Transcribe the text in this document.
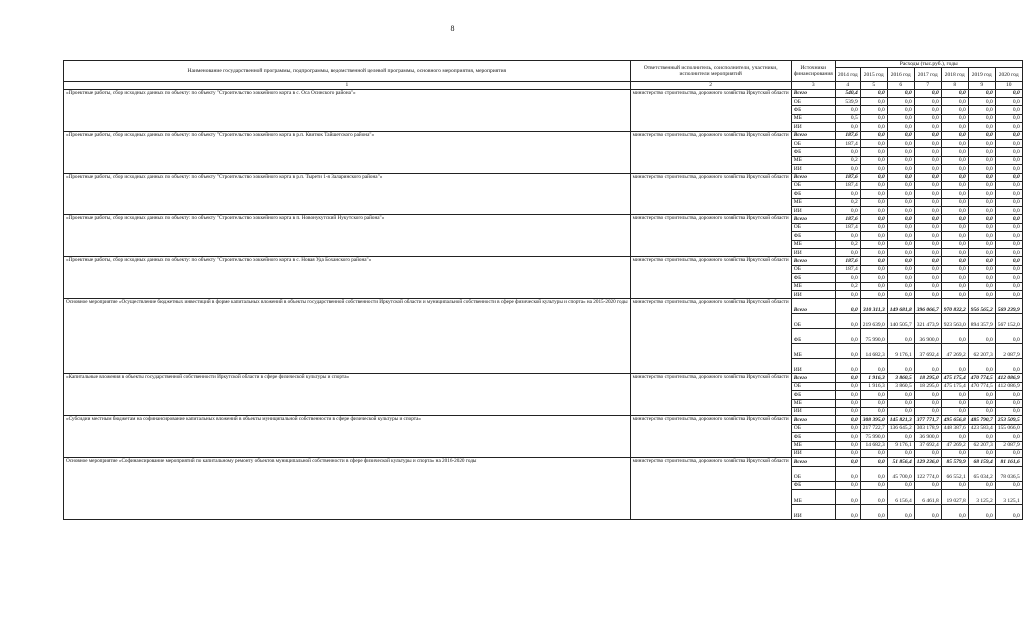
8
Наименование государственной программы, подпрограммы, ведомственной целевой программы, основного мероприятия, мероприятия	Ответственный исполнитель, соисполнители, участники, исполнители мероприятий	Источники финансирования	Расходы (тыс.руб.), годы						
			2014 год	2015 год	2016 год	2017 год	2018 год	2019 год	2020 год
1	2	3	4	5	6	7	8	9	10
«Проектные работы, сбор исходных данных по объекту: по объекту "Строительство хоккейного корта в с. Оса Осинского района"»	министерство строительства, дорожного хозяйства Иркутской области	Всего	540,4	0,0	0,0	0,0	0,0	0,0	0,0
		ОБ	539,9	0,0	0,0	0,0	0,0	0,0	0,0
		ФБ	0,0	0,0	0,0	0,0	0,0	0,0	0,0
		МБ	0,5	0,0	0,0	0,0	0,0	0,0	0,0
		ИИ	0,0	0,0	0,0	0,0	0,0	0,0	0,0
«Проектные работы, сбор исходных данных по объекту: по объекту "Строительство хоккейного корта в р.п. Квитюк Тайшетского района"»	министерство строительства, дорожного хозяйства Иркутской области	Всего	187,6	0,0	0,0	0,0	0,0	0,0	0,0
		ОБ	187,4	0,0	0,0	0,0	0,0	0,0	0,0
		ФБ	0,0	0,0	0,0	0,0	0,0	0,0	0,0
		МБ	0,2	0,0	0,0	0,0	0,0	0,0	0,0
		ИИ	0,0	0,0	0,0	0,0	0,0	0,0	0,0
«Проектные работы, сбор исходных данных по объекту: по объекту "Строительство хоккейного корта в р.п. Тырети 1-я Заларинского района"»	министерство строительства, дорожного хозяйства Иркутской области	Всего	187,6	0,0	0,0	0,0	0,0	0,0	0,0
		ОБ	187,4	0,0	0,0	0,0	0,0	0,0	0,0
		ФБ	0,0	0,0	0,0	0,0	0,0	0,0	0,0
		МБ	0,2	0,0	0,0	0,0	0,0	0,0	0,0
		ИИ	0,0	0,0	0,0	0,0	0,0	0,0	0,0
«Проектные работы, сбор исходных данных по объекту: по объекту "Строительство хоккейного корта в п. Новонукутский Нукутского района"»	министерство строительства, дорожного хозяйства Иркутской области	Всего	187,6	0,0	0,0	0,0	0,0	0,0	0,0
		ОБ	187,4	0,0	0,0	0,0	0,0	0,0	0,0
		ФБ	0,0	0,0	0,0	0,0	0,0	0,0	0,0
		МБ	0,2	0,0	0,0	0,0	0,0	0,0	0,0
		ИИ	0,0	0,0	0,0	0,0	0,0	0,0	0,0
«Проектные работы, сбор исходных данных по объекту: по объекту "Строительство хоккейного корта в с. Новая Уда Боханского района"»	министерство строительства, дорожного хозяйства Иркутской области	Всего	187,6	0,0	0,0	0,0	0,0	0,0	0,0
		ОБ	187,4	0,0	0,0	0,0	0,0	0,0	0,0
		ФБ	0,0	0,0	0,0	0,0	0,0	0,0	0,0
		МБ	0,2	0,0	0,0	0,0	0,0	0,0	0,0
		ИИ	0,0	0,0	0,0	0,0	0,0	0,0	0,0
Основное мероприятие «Осуществление бюджетных инвестиций в форме капитальных вложений в объекты государственной собственности Иркутской области и муниципальной собственности в сфере физической культуры и спорта» на 2015-2020 годы	министерство строительства, дорожного хозяйства Иркутской области	Всего	0,0	310 311,3	149 681,8	396 066,7	970 832,2	956 565,2	569 239,9
		ОБ	0,0	219 639,0	140 505,7	321 473,9	923 563,0	894 357,9	567 152,0
		ФБ	0,0	75 990,0	0,0	36 900,0	0,0	0,0	0,0
		МБ	0,0	14 682,3	9 176,1	37 692,4	47 269,2	62 207,3	2 087,9
		ИИ	0,0	0,0	0,0	0,0	0,0	0,0	0,0
«Капитальные вложения в объекты государственной собственности Иркутской области в сфере физической культуры и спорта»	министерство строительства, дорожного хозяйства Иркутской области	Всего	0,0	1 916,3	3 860,5	18 295,0	475 175,4	470 774,5	412 086,9
		ОБ	0,0	1 916,3	3 860,5	18 295,0	475 175,4	470 774,5	412 086,9
		ФБ	0,0	0,0	0,0	0,0	0,0	0,0	0,0
		МБ	0,0	0,0	0,0	0,0	0,0	0,0	0,0
		ИИ	0,0	0,0	0,0	0,0	0,0	0,0	0,0
«Субсидии местным бюджетам на софинансирование капитальных вложений в объекты муниципальной собственности в сфере физической культуры и спорта»	министерство строительства, дорожного хозяйства Иркутской области	Всего	0,0	308 395,0	145 821,3	377 771,7	495 656,8	485 790,7	253 509,5
		ОБ	0,0	217 722,7	136 645,2	303 178,9	448 387,6	423 583,4	155 066,0
		ФБ	0,0	75 990,0	0,0	36 900,0	0,0	0,0	0,0
		МБ	0,0	14 682,3	9 176,1	37 692,4	47 269,2	62 207,3	2 087,9
		ИИ	0,0	0,0	0,0	0,0	0,0	0,0	0,0
Основное мероприятие «Софинансирование мероприятий по капитальному ремонту объектов муниципальной собственности в сфере физической культуры и спорта» на 2016-2020 годы	министерство строительства, дорожного хозяйства Иркутской области	Всего	0,0	0,0	51 856,4	129 236,0	85 579,9	68 159,4	81 161,6
		ОБ	0,0	0,0	45 700,0	122 774,0	66 552,1	65 034,2	78 036,5
		ФБ	0,0	0,0	0,0	0,0	0,0	0,0	0,0
		МБ	0,0	0,0	6 156,4	6 461,8	19 027,8	3 125,2	3 125,1
		ИИ	0,0	0,0	0,0	0,0	0,0	0,0	0,0
